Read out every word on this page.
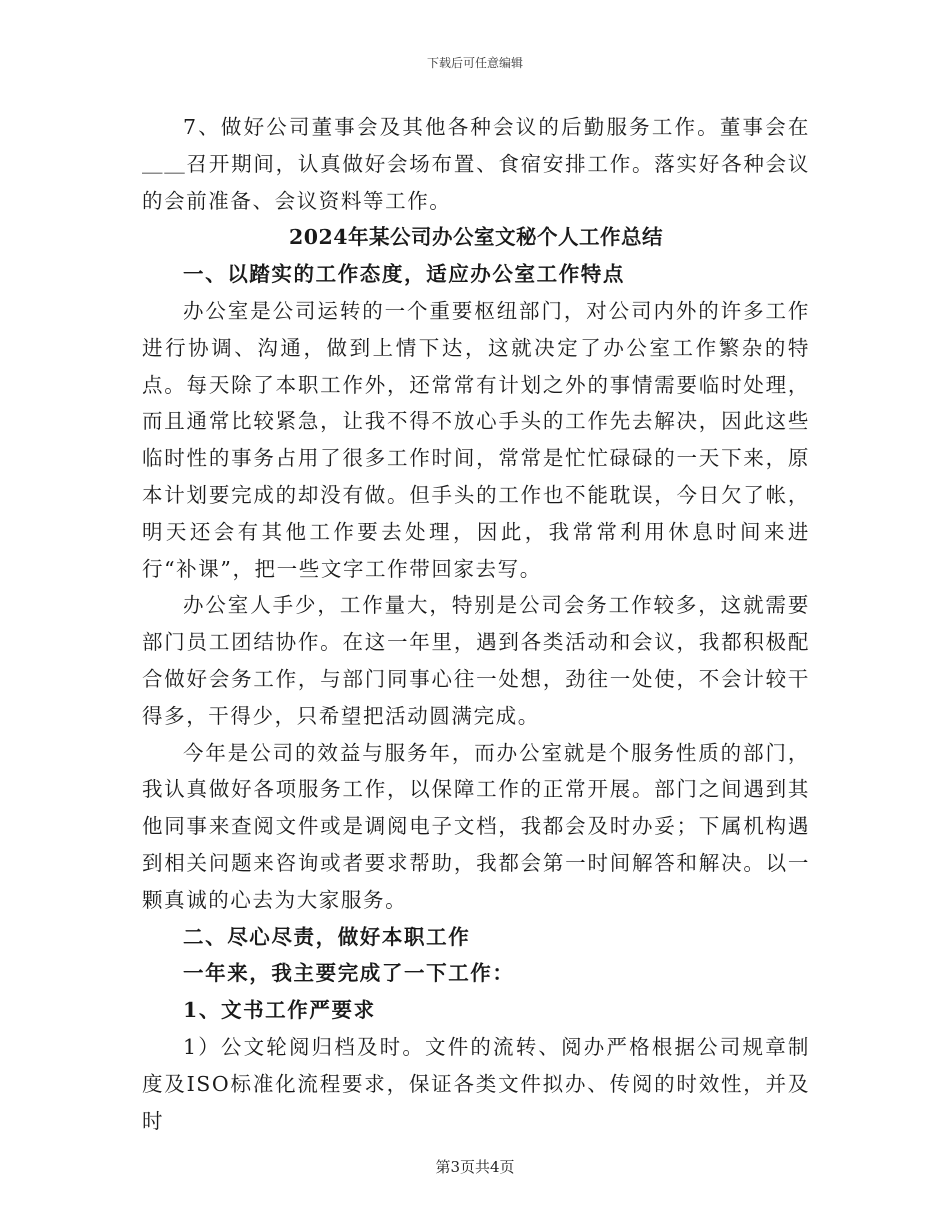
下载后可任意编辑

7、做好公司董事会及其他各种会议的后勤服务工作。董事会在＿＿召开期间，认真做好会场布置、食宿安排工作。落实好各种会议的会前准备、会议资料等工作。

2024年某公司办公室文秘个人工作总结

一、以踏实的工作态度，适应办公室工作特点

办公室是公司运转的一个重要枢纽部门，对公司内外的许多工作进行协调、沟通，做到上情下达，这就决定了办公室工作繁杂的特点。每天除了本职工作外，还常常有计划之外的事情需要临时处理，而且通常比较紧急，让我不得不放心手头的工作先去解决，因此这些临时性的事务占用了很多工作时间，常常是忙忙碌碌的一天下来，原本计划要完成的却没有做。但手头的工作也不能耽误，今日欠了帐，明天还会有其他工作要去处理，因此，我常常利用休息时间来进行“补课”，把一些文字工作带回家去写。

办公室人手少，工作量大，特别是公司会务工作较多，这就需要部门员工团结协作。在这一年里，遇到各类活动和会议，我都积极配合做好会务工作，与部门同事心往一处想，劲往一处使，不会计较干得多，干得少，只希望把活动圆满完成。

今年是公司的效益与服务年，而办公室就是个服务性质的部门，我认真做好各项服务工作，以保障工作的正常开展。部门之间遇到其他同事来查阅文件或是调阅电子文档，我都会及时办妥；下属机构遇到相关问题来咨询或者要求帮助，我都会第一时间解答和解决。以一颗真诚的心去为大家服务。

二、尽心尽责，做好本职工作

一年来，我主要完成了一下工作：

1、文书工作严要求

1）公文轮阅归档及时。文件的流转、阅办严格根据公司规章制度及ISO标准化流程要求，保证各类文件拟办、传阅的时效性，并及时

第3页共4页
